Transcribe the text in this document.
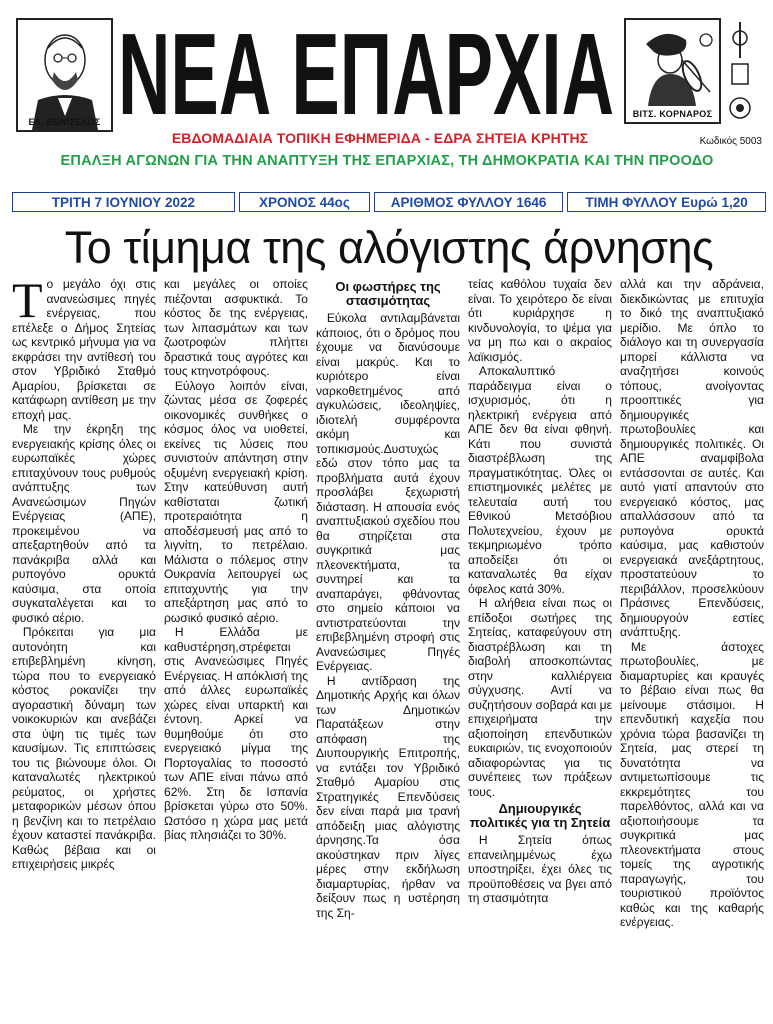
ΕΛ. ΒΕΝΙΖΕΛΟΣ ΝΕΑ ΕΠΑΡΧΙΑ	ΒΙΤΣ. ΚΟΡΝΑΡΟΣ
ΕΒΔΟΜΑΔΙΑΙΑ ΤΟΠΙΚΗ ΕΦΗΜΕΡΙΔΑ - ΕΔΡΑ ΣΗΤΕΙΑ ΚΡΗΤΗΣ	Κωδικός 5003
ΕΠΑΛΞΗ ΑΓΩΝΩΝ ΓΙΑ ΤΗΝ ΑΝΑΠΤΥΞΗ ΤΗΣ ΕΠΑΡΧΙΑΣ, ΤΗ ΔΗΜΟΚΡΑΤΙΑ ΚΑΙ ΤΗΝ ΠΡΟΟΔΟ
ΤΡΙΤΗ 7 ΙΟΥΝΙΟΥ 2022	ΧΡΟΝΟΣ 44ος	ΑΡΙΘΜΟΣ ΦΥΛΛΟΥ 1646	ΤΙΜΗ ΦΥΛΛΟΥ Ευρώ 1,20
Το τίμημα της αλόγιστης άρνησης

Το μεγάλο όχι στις ανανεώσιμες πηγές ενέργειας, που επέλεξε ο Δήμος Σητείας ως κεντρικό μήνυμα για να εκφράσει την αντίθεσή του στον Υβριδικό Σταθμό Αμαρίου, βρίσκεται σε κατάφωρη αντίθεση με την εποχή μας.

Με την έκρηξη της ενεργειακής κρίσης όλες οι ευρωπαϊκές χώρες επιταχύνουν τους ρυθμούς ανάπτυξης των Ανανεώσιμων Πηγών Ενέργειας (ΑΠΕ), προκειμένου να απεξαρτηθούν από τα πανάκριβα αλλά και ρυπογόνο ορυκτά καύσιμα, στα οποία συγκαταλέγεται και το φυσικό αέριο.

Πρόκειται για μια αυτονόητη και επιβεβλημένη κίνηση, τώρα που το ενεργειακό κόστος ροκανίζει την αγοραστική δύναμη των νοικοκυριών και ανεβάζει στα ύψη τις τιμές των καυσίμων. Τις επιπτώσεις του τις βιώνουμε όλοι. Οι καταναλωτές ηλεκτρικού ρεύματος, οι χρήστες μεταφορικών μέσων όπου η βενζίνη και το πετρέλαιο έχουν καταστεί πανάκριβα. Καθώς βέβαια και οι επιχειρήσεις μικρές

και μεγάλες οι οποίες πιέζονται ασφυκτικά. Το κόστος δε της ενέργειας, των λιπασμάτων και των ζωοτροφών πλήττει δραστικά τους αγρότες και τους κτηνοτρόφους.

Εύλογο λοιπόν είναι, ζώντας μέσα σε ζοφερές οικονομικές συνθήκες ο κόσμος όλος να υιοθετεί, εκείνες τις λύσεις που συνιστούν απάντηση στην οξυμένη ενεργειακή κρίση. Στην κατεύθυνση αυτή καθίσταται ζωτική προτεραιότητα η αποδέσμευσή μας από το λιγνίτη, το πετρέλαιο. Μάλιστα ο πόλεμος στην Ουκρανία λειτουργεί ως επιταχυντής για την απεξάρτηση μας από το ρωσικό φυσικό αέριο.

Η Ελλάδα με καθυστέρηση,στρέφεται στις Ανανεώσιμες Πηγές Ενέργειας. Η απόκλισή της από άλλες ευρωπαϊκές χώρες είναι υπαρκτή και έντονη. Αρκεί να θυμηθούμε ότι στο ενεργειακό μίγμα της Πορτογαλίας το ποσοστό των ΑΠΕ είναι πάνω από 62%. Στη δε Ισπανία βρίσκεται γύρω στο 50%. Ωστόσο η χώρα μας μετά βίας πλησιάζει το 30%.

Οι φωστήρες της στασιμότητας

Εύκολα αντιλαμβάνεται κάποιος, ότι ο δρόμος που έχουμε να διανύσουμε είναι μακρύς. Και το κυριότερο είναι ναρκοθετημένος από αγκυλώσεις, ιδεοληψίες, ιδιοτελή συμφέροντα ακόμη και τοπικισμούς.Δυστυχώς εδώ στον τόπο μας τα προβλήματα αυτά έχουν προσλάβει ξεχωριστή διάσταση. Η απουσία ενός αναπτυξιακού σχεδίου που θα στηρίζεται στα συγκριτικά μας πλεονεκτήματα, τα συντηρεί και τα αναπαράγει, φθάνοντας στο σημείο κάποιοι να αντιστρατεύονται την επιβεβλημένη στροφή στις Ανανεώσιμες Πηγές Ενέργειας.

Η αντίδραση της Δημοτικής Αρχής και όλων των Δημοτικών Παρατάξεων στην απόφαση της Διυπουργικής Επιτροπής, να εντάξει τον Υβριδικό Σταθμό Αμαρίου στις Στρατηγικές Επενδύσεις δεν είναι παρά μια τρανή απόδειξη μιας αλόγιστης άρνησης.Τα όσα ακούστηκαν πριν λίγες μέρες στην εκδήλωση διαμαρτυρίας, ήρθαν να δείξουν πως η υστέρηση της Ση-

τείας καθόλου τυχαία δεν είναι. Το χειρότερο δε είναι ότι κυριάρχησε η κινδυνολογία, το ψέμα για να μη πω και ο ακραίος λαϊκισμός.

Αποκαλυπτικό παράδειγμα είναι ο ισχυρισμός, ότι η ηλεκτρική ενέργεια από ΑΠΕ δεν θα είναι φθηνή. Κάτι που συνιστά διαστρέβλωση της πραγματικότητας. Όλες οι επιστημονικές μελέτες με τελευταία αυτή του Εθνικού Μετσόβιου Πολυτεχνείου, έχουν με τεκμηριωμένο τρόπο αποδείξει ότι οι καταναλωτές θα είχαν όφελος κατά 30%.

Η αλήθεια είναι πως οι επίδοξοι σωτήρες της Σητείας, καταφεύγουν στη διαστρέβλωση και τη διαβολή αποσκοπώντας στην καλλιέργεια σύγχυσης. Αντί να συζητήσουν σοβαρά και με επιχειρήματα την αξιοποίηση επενδυτικών ευκαιριών, τις ενοχοποιούν αδιαφορώντας για τις συνέπειες των πράξεων τους.

Δημιουργικές πολιτικές για τη Σητεία

Η Σητεία όπως επανειλημμένως έχω υποστηρίξει, έχει όλες τις προϋποθέσεις να βγει από τη στασιμότητα

αλλά και την αδράνεια, διεκδικώντας με επιτυχία το δικό της αναπτυξιακό μερίδιο. Με όπλο το διάλογο και τη συνεργασία μπορεί κάλλιστα να αναζητήσει κοινούς τόπους, ανοίγοντας προοπτικές για δημιουργικές πρωτοβουλίες και δημιουργικές πολιτικές. Οι ΑΠΕ αναμφίβολα εντάσσονται σε αυτές. Και αυτό γιατί απαντούν στο ενεργειακό κόστος, μας απαλλάσσουν από τα ρυπογόνα ορυκτά καύσιμα, μας καθιστούν ενεργειακά ανεξάρτητους, προστατεύουν το περιβάλλον, προσελκύουν Πράσινες Επενδύσεις, δημιουργούν εστίες ανάπτυξης.

Με άστοχες πρωτοβουλίες, με διαμαρτυρίες και κραυγές το βέβαιο είναι πως θα μείνουμε στάσιμοι. Η επενδυτική καχεξία που χρόνια τώρα βασανίζει τη Σητεία, μας στερεί τη δυνατότητα να αντιμετωπίσουμε τις εκκρεμότητες του παρελθόντος, αλλά και να αξιοποιήσουμε τα συγκριτικά μας πλεονεκτήματα στους τομείς της αγροτικής παραγωγής, του τουριστικού προϊόντος καθώς και της καθαρής ενέργειας.
